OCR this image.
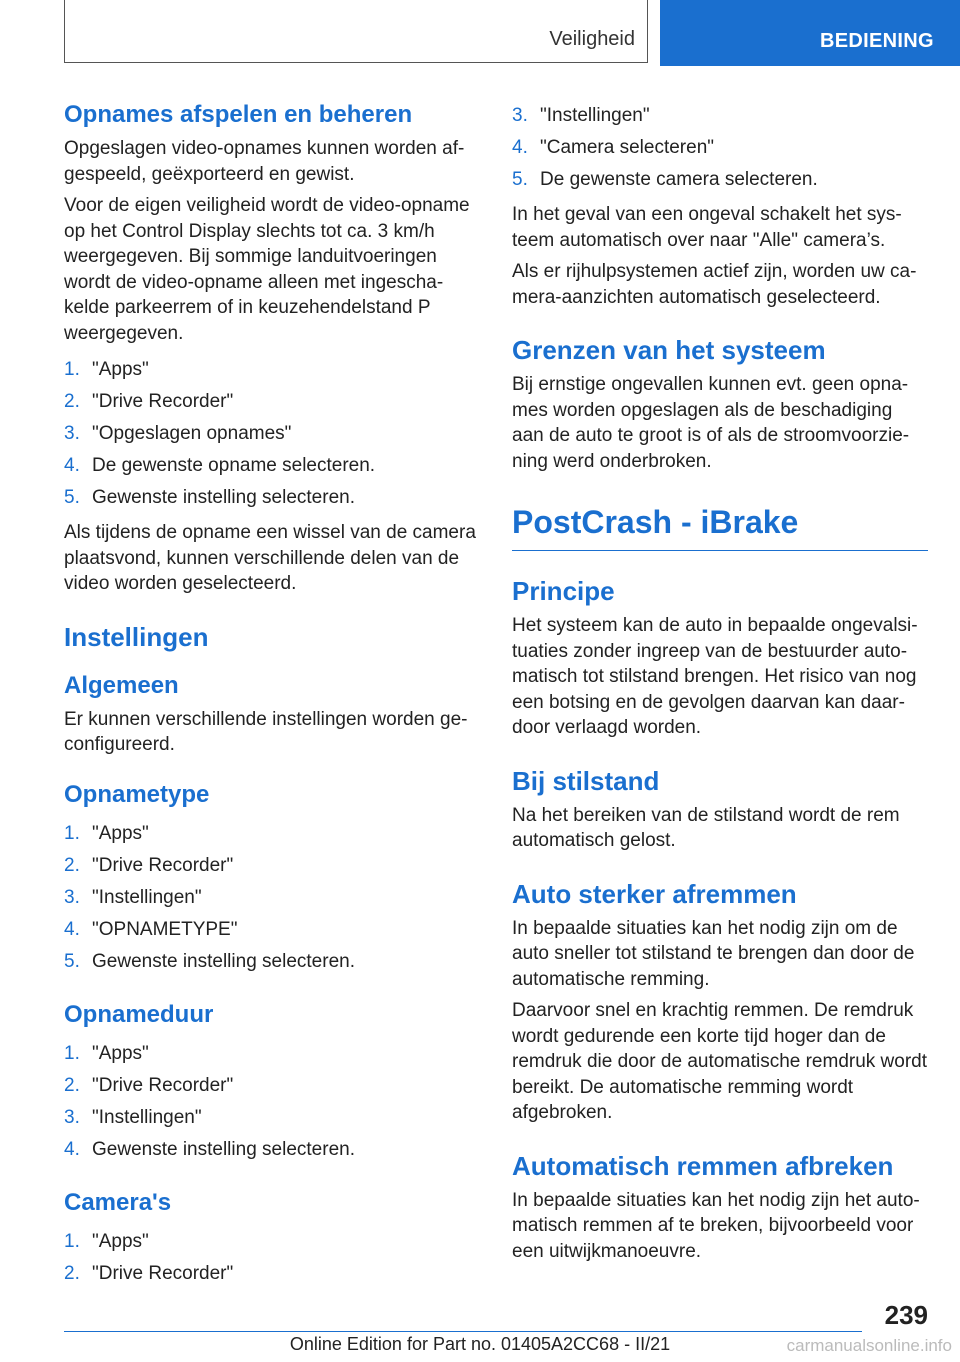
Veiligheid	BEDIENING
Opnames afspelen en beheren

Opgeslagen video-opnames kunnen worden af-gespeeld, geëxporteerd en gewist.

Voor de eigen veiligheid wordt de video-opname op het Control Display slechts tot ca. 3 km/h weergegeven. Bij sommige landuitvoeringen wordt de video-opname alleen met ingescha-kelde parkeerrem of in keuzehendelstand P weergegeven.

1. "Apps"
2. "Drive Recorder"
3. "Opgeslagen opnames"
4. De gewenste opname selecteren.
5. Gewenste instelling selecteren.

Als tijdens de opname een wissel van de camera plaatsvond, kunnen verschillende delen van de video worden geselecteerd.

Instellingen
Algemeen

Er kunnen verschillende instellingen worden ge-configureerd.

Opnametype
1. "Apps"
2. "Drive Recorder"
3. "Instellingen"
4. "OPNAMETYPE"
5. Gewenste instelling selecteren.
Opnameduur
1. "Apps"
2. "Drive Recorder"
3. "Instellingen"
4. Gewenste instelling selecteren.
Camera's
1. "Apps"
2. "Drive Recorder"
3. "Instellingen"
4. "Camera selecteren"
5. De gewenste camera selecteren.

In het geval van een ongeval schakelt het sys-teem automatisch over naar "Alle" camera’s.

Als er rijhulpsystemen actief zijn, worden uw ca-mera-aanzichten automatisch geselecteerd.

Grenzen van het systeem

Bij ernstige ongevallen kunnen evt. geen opna-mes worden opgeslagen als de beschadiging aan de auto te groot is of als de stroomvoorzie-ning werd onderbroken.

PostCrash - iBrake
Principe

Het systeem kan de auto in bepaalde ongevalsi-tuaties zonder ingreep van de bestuurder auto-matisch tot stilstand brengen. Het risico van nog een botsing en de gevolgen daarvan kan daar-door verlaagd worden.

Bij stilstand

Na het bereiken van de stilstand wordt de rem automatisch gelost.

Auto sterker afremmen

In bepaalde situaties kan het nodig zijn om de auto sneller tot stilstand te brengen dan door de automatische remming.

Daarvoor snel en krachtig remmen. De remdruk wordt gedurende een korte tijd hoger dan de remdruk die door de automatische remdruk wordt bereikt. De automatische remming wordt afgebroken.

Automatisch remmen afbreken

In bepaalde situaties kan het nodig zijn het auto-matisch remmen af te breken, bijvoorbeeld voor een uitwijkmanoeuvre.

239
Online Edition for Part no. 01405A2CC68 - II/21	carmanualsonline.info
